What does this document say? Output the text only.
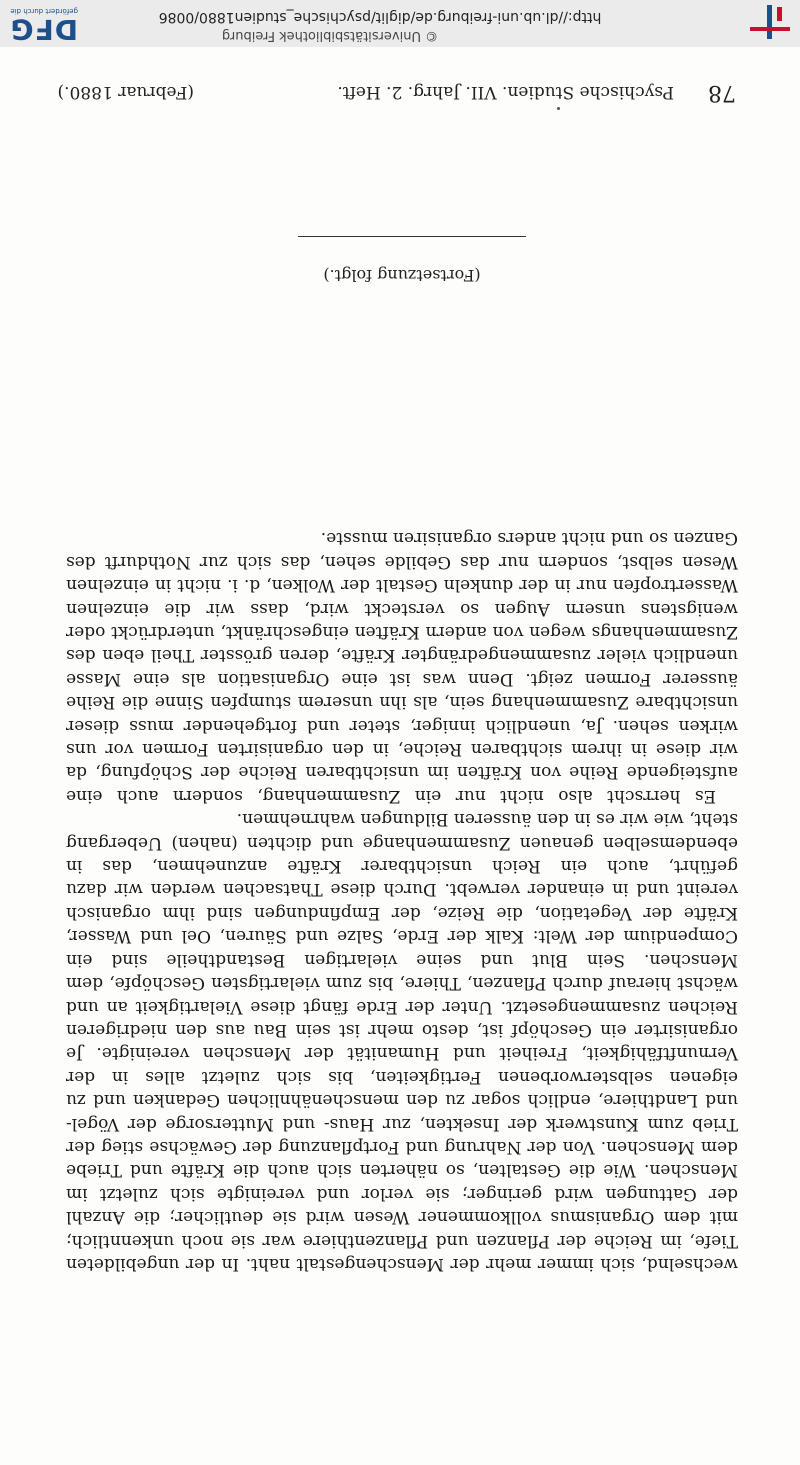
© Universitätsbibliothek Freiburg
http://dl.ub.uni-freiburg.de/diglit/psychische_studien1880/0086
DFG
gefördert durch die
78
Psychische Studien. VII. Jahrg. 2. Heft.
(Februar 1880.)

wechselnd, sich immer mehr der Menschengestalt naht. In der ungebildeten Tiefe, im Reiche der Pflanzen und Pflanzenthiere war sie noch unkenntlich; mit dem Organismus vollkommener Wesen wird sie deutlicher; die Anzahl der Gattungen wird geringer; sie verlor und vereinigte sich zuletzt im Menschen. Wie die Gestalten, so näherten sich auch die Kräfte und Triebe dem Menschen. Von der Nahrung und Fortpflanzung der Gewächse stieg der Trieb zum Kunstwerk der Insekten, zur Haus- und Muttersorge der Vögel- und Landthiere, endlich sogar zu den menschenähnlichen Gedanken und zu eigenen selbsterworbenen Fertigkeiten, bis sich zuletzt alles in der Vernunftfähigkeit, Freiheit und Humanität der Menschen vereinigte. Je organisirter ein Geschöpf ist, desto mehr ist sein Bau aus den niedrigeren Reichen zusammengesetzt. Unter der Erde fängt diese Vielartigkeit an und wächst hierauf durch Pflanzen, Thiere, bis zum vielartigsten Geschöpfe, dem Menschen. Sein Blut und seine vielartigen Bestandtheile sind ein Compendium der Welt: Kalk der Erde, Salze und Säuren, Oel und Wasser, Kräfte der Vegetation, die Reize, der Empfindungen sind ihm organisch vereint und in einander verwebt. Durch diese Thatsachen werden wir dazu geführt, auch ein Reich unsichtbarer Kräfte anzunehmen, das in ebendemselben genauen Zusammenhange und dichten (nahen) Uebergang steht, wie wir es in den äusseren Bildungen wahrnehmen.

Es herrscht also nicht nur ein Zusammenhang, sondern auch eine aufsteigende Reihe von Kräften im unsichtbaren Reiche der Schöpfung, da wir diese in ihrem sichtbaren Reiche, in den organisirten Formen vor uns wirken sehen. Ja, unendlich inniger, steter und fortgehender muss dieser unsichtbare Zusammenhang sein, als ihn unserem stumpfen Sinne die Reihe äusserer Formen zeigt. Denn was ist eine Organisation als eine Masse unendlich vieler zusammengedrängter Kräfte, deren grösster Theil eben des Zusammenhangs wegen von andern Kräften eingeschränkt, unterdrückt oder wenigstens unsern Augen so versteckt wird, dass wir die einzelnen Wassertropfen nur in der dunkeln Gestalt der Wolken, d. i. nicht in einzelnen Wesen selbst, sondern nur das Gebilde sehen, das sich zur Nothdurft des Ganzen so und nicht anders organisiren musste.

(Fortsetzung folgt.)
